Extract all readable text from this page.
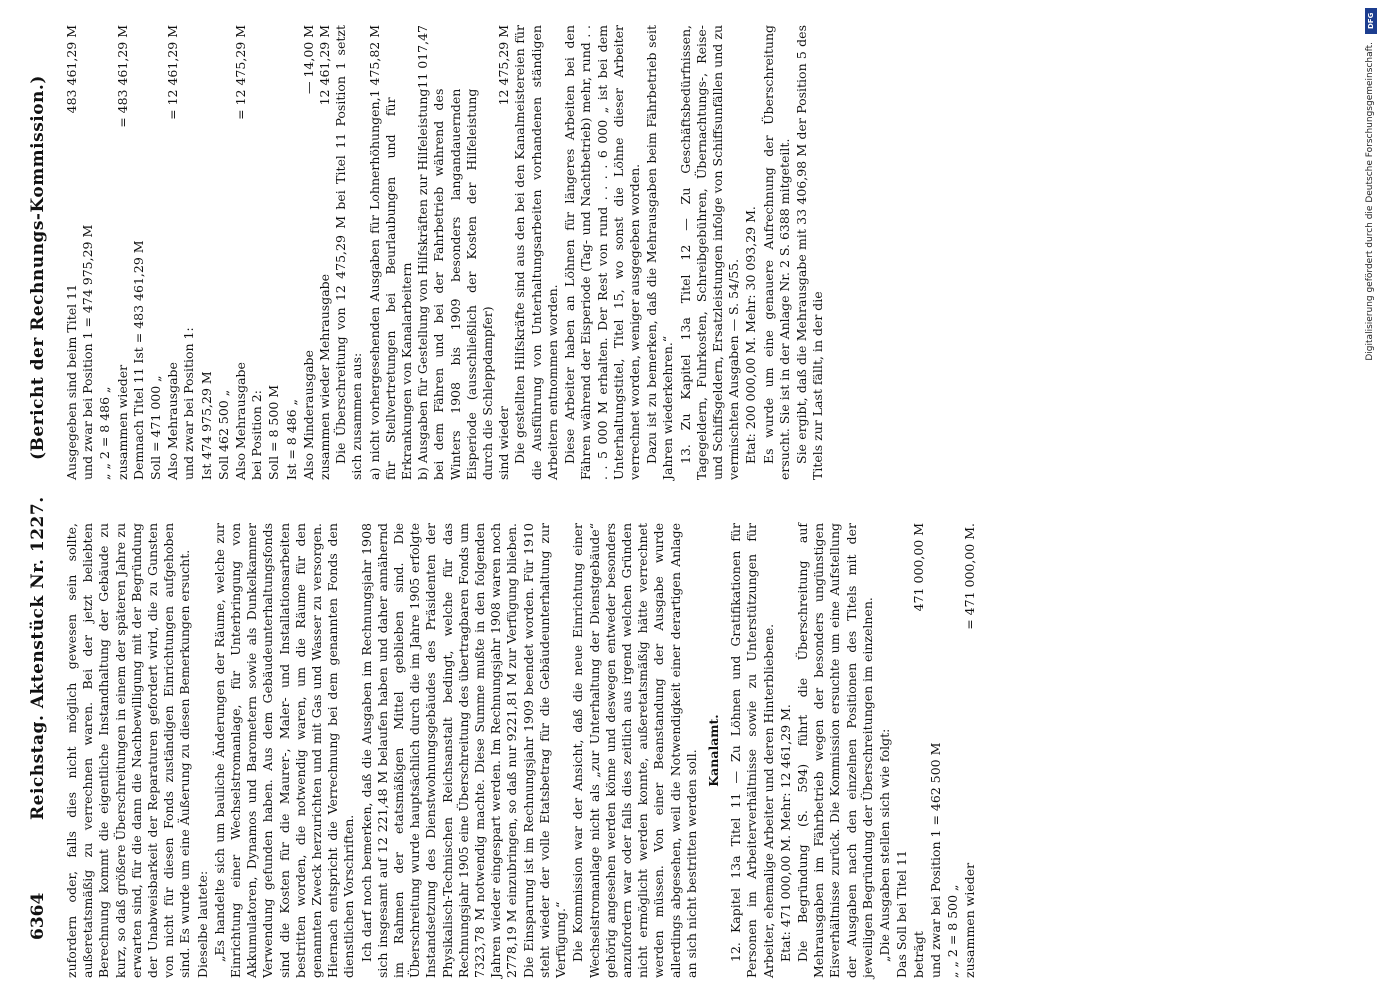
6364
Reichstag. Aktenstück Nr. 1227.
(Bericht der Rechnungs-Kommission.)

zufordern oder, falls dies nicht möglich gewesen sein sollte, außeretatsmäßig zu verrechnen waren. Bei der jetzt beliebten Berechnung kommt die eigentliche Instandhaltung der Gebäude zu kurz, so daß größere Überschreitungen in einem der späteren Jahre zu erwarten sind, für die dann die Nachbewilligung mit der Begründung der Unabweisbarkeit der Reparaturen gefordert wird, die zu Gunsten von nicht für diesen Fonds zuständigen Einrichtungen aufgehoben sind. Es wurde um eine Äußerung zu diesen Bemerkungen ersucht. Dieselbe lautete: „Es handelte sich um bauliche Änderungen der Räume, welche zur Einrichtung einer Wechselstromanlage, für Unterbringung von Akkumulatoren, Dynamos und Barometern sowie als Dunkelkammer Verwendung gefunden haben. Aus dem Gebäudeunterhaltungsfonds sind die Kosten für die Maurer-, Maler- und Installationsarbeiten bestritten worden, die notwendig waren, um die Räume für den genannten Zweck herzurichten und mit Gas und Wasser zu versorgen. Hiernach entspricht die Verrechnung bei dem genannten Fonds den dienstlichen Vorschriften. Ich darf noch bemerken, daß die Ausgaben im Rechnungsjahr 1908 sich insgesamt auf 12 221,48 M belaufen haben und daher annähernd im Rahmen der etatsmäßigen Mittel geblieben sind. Die Überschreitung wurde hauptsächlich durch die im Jahre 1905 erfolgte Instandsetzung des Dienstwohnungsgebäudes des Präsidenten der Physikalisch-Technischen Reichsanstalt bedingt, welche für das Rechnungsjahr 1905 eine Überschreitung des übertragbaren Fonds um 7323,78 M notwendig machte. Diese Summe mußte in den folgenden Jahren wieder eingespart werden. Im Rechnungsjahr 1908 waren noch 2778,19 M einzubringen, so daß nur 9221,81 M zur Verfügung blieben. Die Einsparung ist im Rechnungsjahr 1909 beendet worden. Für 1910 steht wieder der volle Etatsbetrag für die Gebäudeunterhaltung zur Verfügung.“ Die Kommission war der Ansicht, daß die neue Einrichtung einer Wechselstromanlage nicht als „zur Unterhaltung der Dienstgebäude“ gehörig angesehen werden könne und deswegen entweder besonders anzufordern war oder falls dies zeitlich aus irgend welchen Gründen nicht ermöglicht werden konnte, außeretatsmäßig hätte verrechnet werden müssen. Von einer Beanstandung der Ausgabe wurde allerdings abgesehen, weil die Notwendigkeit einer derartigen Anlage an sich nicht bestritten werden soll. Kanalamt. 12. Kapitel 13a Titel 11 — Zu Löhnen und Gratifikationen für Personen im Arbeiterverhältnisse sowie zu Unterstützungen für Arbeiter, ehemalige Arbeiter und deren Hinterbliebene. Etat: 471 000,00 M. Mehr: 12 461,29 M. Die Begründung (S. 594) führt die Überschreitung auf Mehrausgaben im Fährbetrieb wegen der besonders ungünstigen Eisverhältnisse zurück. Die Kommission ersuchte um eine Aufstellung der Ausgaben nach den einzelnen Positionen des Titels mit der jeweiligen Begründung der Überschreitungen im einzelnen. „Die Ausgaben stellen sich wie folgt: Das Soll bei Titel 11 beträgt
471 000,00 M

und zwar bei Position 1 = 462 500 M „ „ 2 = 8 500 „ zusammen wieder
= 471 000,00 M.
Ausgegeben sind beim Titel 11
483 461,29 M

und zwar bei Position 1 = 474 975,29 M „ „ 2 = 8 486 „ zusammen wieder
= 483 461,29 M

Demnach Titel 11 Ist = 483 461,29 M Soll = 471 000 „ Also Mehrausgabe
= 12 461,29 M

und zwar bei Position 1: Ist 474 975,29 M Soll 462 500 „ Also Mehrausgabe
= 12 475,29 M

bei Position 2: Soll = 8 500 M Ist = 8 486 „ Also Minderausgabe
— 14,00 M
zusammen wieder Mehrausgabe
12 461,29 M Die Überschreitung von 12 475,29 M bei Titel 11 Position 1 setzt sich zusammen aus: a) nicht vorhergesehenden Ausgaben für Lohnerhöhungen, für Stellvertretungen bei Beurlaubungen und für Erkrankungen von Kanalarbeitern
1 475,82 M
b) Ausgaben für Gestellung von Hilfskräften zur Hilfeleistung bei dem Fähren und bei der Fahrbetrieb während des Winters 1908 bis 1909 besonders langandauernden Eisperiode (ausschließlich der Kosten der Hilfeleistung durch die Schleppdampfer)
11 017,47
sind wieder
12 475,29 M Die gestellten Hilfskräfte sind aus den bei den Kanalmeistereien für die Ausführung von Unterhaltungsarbeiten vorhandenen ständigen Arbeitern entnommen worden. Diese Arbeiter haben an Löhnen für längeres Arbeiten bei den Fähren während der Eisperiode (Tag- und Nachtbetrieb) mehr, rund . . . . 5 000 M erhalten. Der Rest von rund . . . . 6 000 „ ist bei dem Unterhaltungstitel, Titel 15, wo sonst die Löhne dieser Arbeiter verrechnet worden, weniger ausgegeben worden. Dazu ist zu bemerken, daß die Mehrausgaben beim Fährbetrieb seit Jahren wiederkehren.“ 13. Zu Kapitel 13a Titel 12 — Zu Geschäftsbedürfnissen, Tagegeldern, Fuhrkosten, Schreibgebühren, Übernachtungs-, Reise- und Schiffsgeldern, Ersatzleistungen infolge von Schiffsunfällen und zu vermischten Ausgaben — S. 54/55. Etat: 200 000,00 M. Mehr: 30 093,29 M. Es wurde um eine genauere Aufrechnung der Überschreitung ersucht. Sie ist in der Anlage Nr. 2 S. 6388 mitgeteilt. Sie ergibt, daß die Mehrausgabe mit 33 406,98 M der Position 5 des Titels zur Last fällt, in der die

DFG
Digitalisierung gefördert durch die Deutsche Forschungsgemeinschaft.
